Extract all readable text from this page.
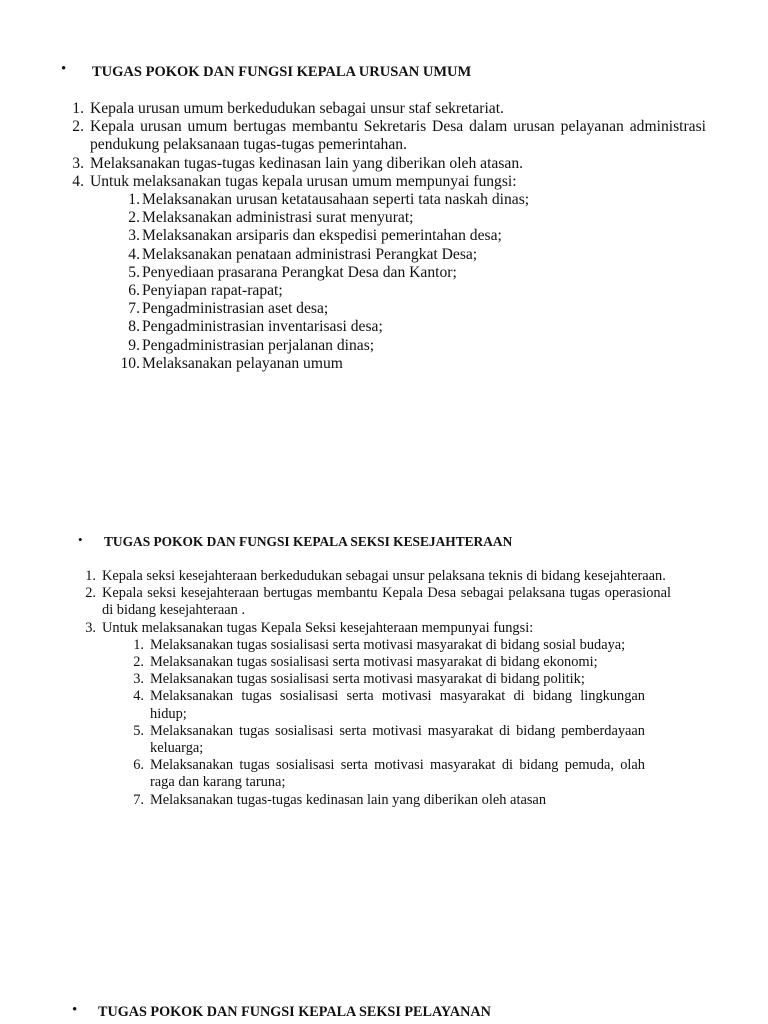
• TUGAS POKOK DAN FUNGSI KEPALA URUSAN UMUM
1. Kepala urusan umum berkedudukan sebagai unsur staf sekretariat.
2. Kepala urusan umum bertugas membantu Sekretaris Desa dalam urusan pelayanan administrasi pendukung pelaksanaan tugas-tugas pemerintahan.
3. Melaksanakan tugas-tugas kedinasan lain yang diberikan oleh atasan.
4. Untuk melaksanakan tugas kepala urusan umum mempunyai fungsi:
1. Melaksanakan urusan ketatausahaan seperti tata naskah dinas;
2. Melaksanakan administrasi surat menyurat;
3. Melaksanakan arsiparis dan ekspedisi pemerintahan desa;
4. Melaksanakan penataan administrasi Perangkat Desa;
5. Penyediaan prasarana Perangkat Desa dan Kantor;
6. Penyiapan rapat-rapat;
7. Pengadministrasian aset desa;
8. Pengadministrasian inventarisasi desa;
9. Pengadministrasian perjalanan dinas;
10. Melaksanakan pelayanan umum
• TUGAS POKOK DAN FUNGSI KEPALA SEKSI KESEJAHTERAAN
1. Kepala seksi kesejahteraan berkedudukan sebagai unsur pelaksana teknis di bidang kesejahteraan.
2. Kepala seksi kesejahteraan bertugas membantu Kepala Desa sebagai pelaksana tugas operasional di bidang kesejahteraan .
3. Untuk melaksanakan tugas Kepala Seksi kesejahteraan mempunyai fungsi:
1. Melaksanakan tugas sosialisasi serta motivasi masyarakat di bidang sosial budaya;
2. Melaksanakan tugas sosialisasi serta motivasi masyarakat di bidang ekonomi;
3. Melaksanakan tugas sosialisasi serta motivasi masyarakat di bidang politik;
4. Melaksanakan tugas sosialisasi serta motivasi masyarakat di bidang lingkungan hidup;
5. Melaksanakan tugas sosialisasi serta motivasi masyarakat di bidang pemberdayaan keluarga;
6. Melaksanakan tugas sosialisasi serta motivasi masyarakat di bidang pemuda, olah raga dan karang taruna;
7. Melaksanakan tugas-tugas kedinasan lain yang diberikan oleh atasan
• TUGAS POKOK DAN FUNGSI KEPALA SEKSI PELAYANAN
